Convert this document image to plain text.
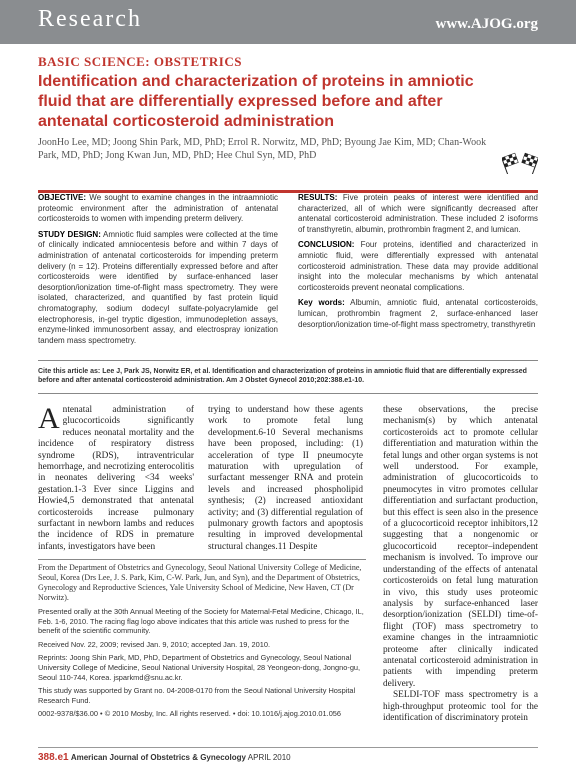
Research	www.AJOG.org
BASIC SCIENCE: OBSTETRICS
Identification and characterization of proteins in amniotic fluid that are differentially expressed before and after antenatal corticosteroid administration
JoonHo Lee, MD; Joong Shin Park, MD, PhD; Errol R. Norwitz, MD, PhD; Byoung Jae Kim, MD; Chan-Wook Park, MD, PhD; Jong Kwan Jun, MD, PhD; Hee Chul Syn, MD, PhD

OBJECTIVE: We sought to examine changes in the intraamniotic proteomic environment after the administration of antenatal corticosteroids to women with impending preterm delivery.

STUDY DESIGN: Amniotic fluid samples were collected at the time of clinically indicated amniocentesis before and within 7 days of administration of antenatal corticosteroids for impending preterm delivery (n = 12). Proteins differentially expressed before and after corticosteroids were identified by surface-enhanced laser desorption/ionization time-of-flight mass spectrometry. They were isolated, characterized, and quantified by fast protein liquid chromatography, sodium dodecyl sulfate-polyacrylamide gel electrophoresis, in-gel tryptic digestion, immunodepletion assays, enzyme-linked immunosorbent assay, and electrospray ionization tandem mass spectrometry.

RESULTS: Five protein peaks of interest were identified and characterized, all of which were significantly decreased after antenatal corticosteroid administration. These included 2 isoforms of transthyretin, albumin, prothrombin fragment 2, and lumican.

CONCLUSION: Four proteins, identified and characterized in amniotic fluid, were differentially expressed with antenatal corticosteroid administration. These data may provide additional insight into the molecular mechanisms by which antenatal corticosteroids prevent neonatal complications.

Key words: Albumin, amniotic fluid, antenatal corticosteroids, lumican, prothrombin fragment 2, surface-enhanced laser desorption/ionization time-of-flight mass spectrometry, transthyretin

Cite this article as: Lee J, Park JS, Norwitz ER, et al. Identification and characterization of proteins in amniotic fluid that are differentially expressed before and after antenatal corticosteroid administration. Am J Obstet Gynecol 2010;202:388.e1-10.

Antenatal administration of glucocorticoids significantly reduces neonatal mortality and the incidence of respiratory distress syndrome (RDS), intraventricular hemorrhage, and necrotizing enterocolitis in neonates delivering <34 weeks' gestation.1-3 Ever since Liggins and Howie4,5 demonstrated that antenatal corticosteroids increase pulmonary surfactant in newborn lambs and reduces the incidence of RDS in premature infants, investigators have been

trying to understand how these agents work to promote fetal lung development.6-10 Several mechanisms have been proposed, including: (1) acceleration of type II pneumocyte maturation with upregulation of surfactant messenger RNA and protein levels and increased phospholipid synthesis; (2) increased antioxidant activity; and (3) differential regulation of pulmonary growth factors and apoptosis resulting in improved developmental structural changes.11 Despite

these observations, the precise mechanism(s) by which antenatal corticosteroids act to promote cellular differentiation and maturation within the fetal lungs and other organ systems is not well understood. For example, administration of glucocorticoids to pneumocytes in vitro promotes cellular differentiation and surfactant production, but this effect is seen also in the presence of a glucocorticoid receptor inhibitors,12 suggesting that a nongenomic or glucocorticoid receptor–independent mechanism is involved. To improve our understanding of the effects of antenatal corticosteroids on fetal lung maturation in vivo, this study uses proteomic analysis by surface-enhanced laser desorption/ionization (SELDI) time-of-flight (TOF) mass spectrometry to examine changes in the intraamniotic proteome after clinically indicated antenatal corticosteroid administration in patients with impending preterm delivery.

SELDI-TOF mass spectrometry is a high-throughput proteomic tool for the identification of discriminatory protein

From the Department of Obstetrics and Gynecology, Seoul National University College of Medicine, Seoul, Korea (Drs Lee, J. S. Park, Kim, C-W. Park, Jun, and Syn), and the Department of Obstetrics, Gynecology and Reproductive Sciences, Yale University School of Medicine, New Haven, CT (Dr Norwitz).

Presented orally at the 30th Annual Meeting of the Society for Maternal-Fetal Medicine, Chicago, IL, Feb. 1-6, 2010. The racing flag logo above indicates that this article was rushed to press for the benefit of the scientific community.

Received Nov. 22, 2009; revised Jan. 9, 2010; accepted Jan. 19, 2010.

Reprints: Joong Shin Park, MD, PhD, Department of Obstetrics and Gynecology, Seoul National University College of Medicine, Seoul National University Hospital, 28 Yeongeon-dong, Jongno-gu, Seoul 110-744, Korea. jsparkmd@snu.ac.kr.

This study was supported by Grant no. 04-2008-0170 from the Seoul National University Hospital Research Fund.

0002-9378/$36.00 • © 2010 Mosby, Inc. All rights reserved. • doi: 10.1016/j.ajog.2010.01.056

388.e1 American Journal of Obstetrics & Gynecology APRIL 2010
